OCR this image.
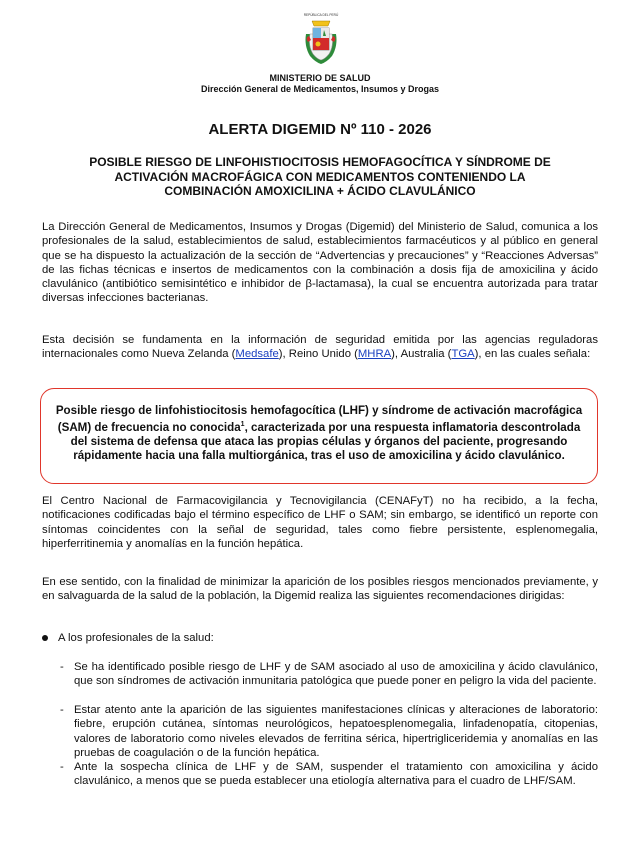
REPÚBLICA DEL PERÚ
MINISTERIO DE SALUD
Dirección General de Medicamentos, Insumos y Drogas
ALERTA DIGEMID Nº 110 - 2026
POSIBLE RIESGO DE LINFOHISTIOCITOSIS HEMOFAGOCÍTICA Y SÍNDROME DE
ACTIVACIÓN MACROFÁGICA CON MEDICAMENTOS CONTENIENDO LA
COMBINACIÓN AMOXICILINA + ÁCIDO CLAVULÁNICO

La Dirección General de Medicamentos, Insumos y Drogas (Digemid) del Ministerio de Salud, comunica a los profesionales de la salud, establecimientos de salud, establecimientos farmacéuticos y al público en general que se ha dispuesto la actualización de la sección de “Advertencias y precauciones” y “Reacciones Adversas” de las fichas técnicas e insertos de medicamentos con la combinación a dosis fija de amoxicilina y ácido clavulánico (antibiótico semisintético e inhibidor de β-lactamasa), la cual se encuentra autorizada para tratar diversas infecciones bacterianas.

Esta decisión se fundamenta en la información de seguridad emitida por las agencias reguladoras internacionales como Nueva Zelanda (Medsafe), Reino Unido (MHRA), Australia (TGA), en las cuales señala:

Posible riesgo de linfohistiocitosis hemofagocítica (LHF) y síndrome de activación macrofágica (SAM) de frecuencia no conocida$^1$, caracterizada por una respuesta inflamatoria descontrolada del sistema de defensa que ataca las propias células y órganos del paciente, progresando rápidamente hacia una falla multiorgánica, tras el uso de amoxicilina y ácido clavulánico.

El Centro Nacional de Farmacovigilancia y Tecnovigilancia (CENAFyT) no ha recibido, a la fecha, notificaciones codificadas bajo el término específico de LHF o SAM; sin embargo, se identificó un reporte con síntomas coincidentes con la señal de seguridad, tales como fiebre persistente, esplenomegalia, hiperferritinemia y anomalías en la función hepática.

En ese sentido, con la finalidad de minimizar la aparición de los posibles riesgos mencionados previamente, y en salvaguarda de la salud de la población, la Digemid realiza las siguientes recomendaciones dirigidas:

A los profesionales de la salud:
- Se ha identificado posible riesgo de LHF y de SAM asociado al uso de amoxicilina y ácido clavulánico, que son síndromes de activación inmunitaria patológica que puede poner en peligro la vida del paciente.
- Estar atento ante la aparición de las siguientes manifestaciones clínicas y alteraciones de laboratorio: fiebre, erupción cutánea, síntomas neurológicos, hepatoesplenomegalia, linfadenopatía, citopenias, valores de laboratorio como niveles elevados de ferritina sérica, hipertrigliceridemia y anomalías en las pruebas de coagulación o de la función hepática.
- Ante la sospecha clínica de LHF y de SAM, suspender el tratamiento con amoxicilina y ácido clavulánico, a menos que se pueda establecer una etiología alternativa para el cuadro de LHF/SAM.
